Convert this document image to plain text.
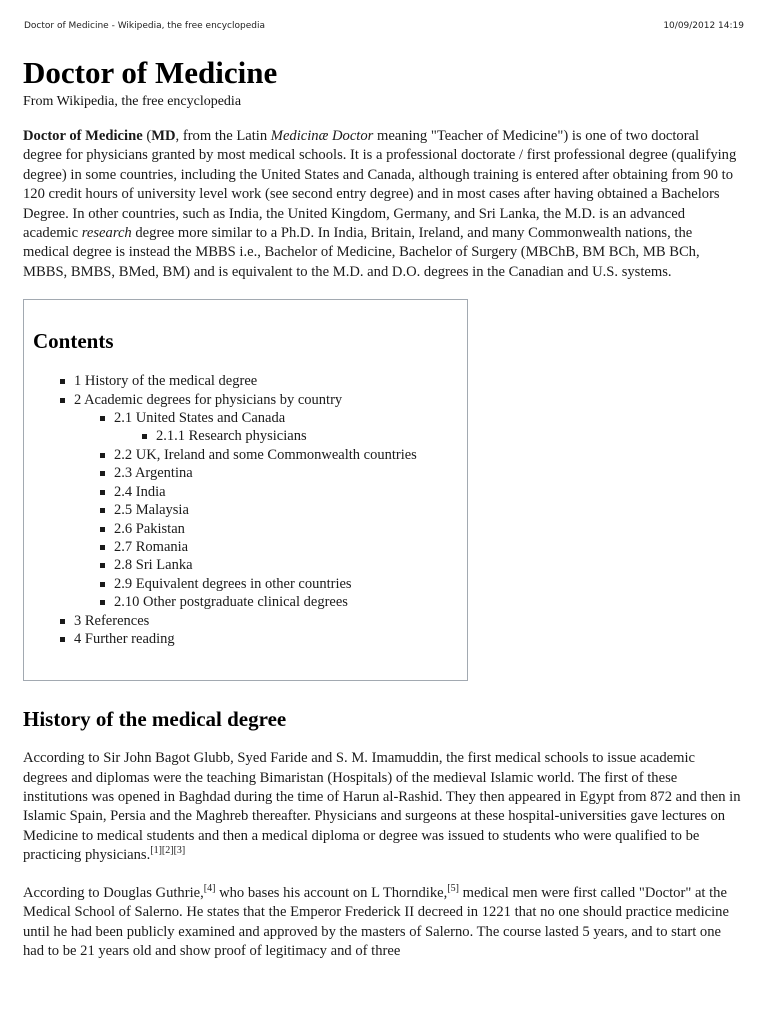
Doctor of Medicine - Wikipedia, the free encyclopedia	10/09/2012 14:19
Doctor of Medicine
From Wikipedia, the free encyclopedia

Doctor of Medicine (MD, from the Latin Medicinæ Doctor meaning "Teacher of Medicine") is one of two doctoral degree for physicians granted by most medical schools. It is a professional doctorate / first professional degree (qualifying degree) in some countries, including the United States and Canada, although training is entered after obtaining from 90 to 120 credit hours of university level work (see second entry degree) and in most cases after having obtained a Bachelors Degree. In other countries, such as India, the United Kingdom, Germany, and Sri Lanka, the M.D. is an advanced academic research degree more similar to a Ph.D. In India, Britain, Ireland, and many Commonwealth nations, the medical degree is instead the MBBS i.e., Bachelor of Medicine, Bachelor of Surgery (MBChB, BM BCh, MB BCh, MBBS, BMBS, BMed, BM) and is equivalent to the M.D. and D.O. degrees in the Canadian and U.S. systems.

Contents
1 History of the medical degree
2 Academic degrees for physicians by country
2.1 United States and Canada
2.1.1 Research physicians
2.2 UK, Ireland and some Commonwealth countries
2.3 Argentina
2.4 India
2.5 Malaysia
2.6 Pakistan
2.7 Romania
2.8 Sri Lanka
2.9 Equivalent degrees in other countries
2.10 Other postgraduate clinical degrees
3 References
4 Further reading
History of the medical degree

According to Sir John Bagot Glubb, Syed Faride and S. M. Imamuddin, the first medical schools to issue academic degrees and diplomas were the teaching Bimaristan (Hospitals) of the medieval Islamic world. The first of these institutions was opened in Baghdad during the time of Harun al-Rashid. They then appeared in Egypt from 872 and then in Islamic Spain, Persia and the Maghreb thereafter. Physicians and surgeons at these hospital-universities gave lectures on Medicine to medical students and then a medical diploma or degree was issued to students who were qualified to be practicing physicians.[1][2][3]

According to Douglas Guthrie,[4] who bases his account on L Thorndike,[5] medical men were first called "Doctor" at the Medical School of Salerno. He states that the Emperor Frederick II decreed in 1221 that no one should practice medicine until he had been publicly examined and approved by the masters of Salerno. The course lasted 5 years, and to start one had to be 21 years old and show proof of legitimacy and of three
